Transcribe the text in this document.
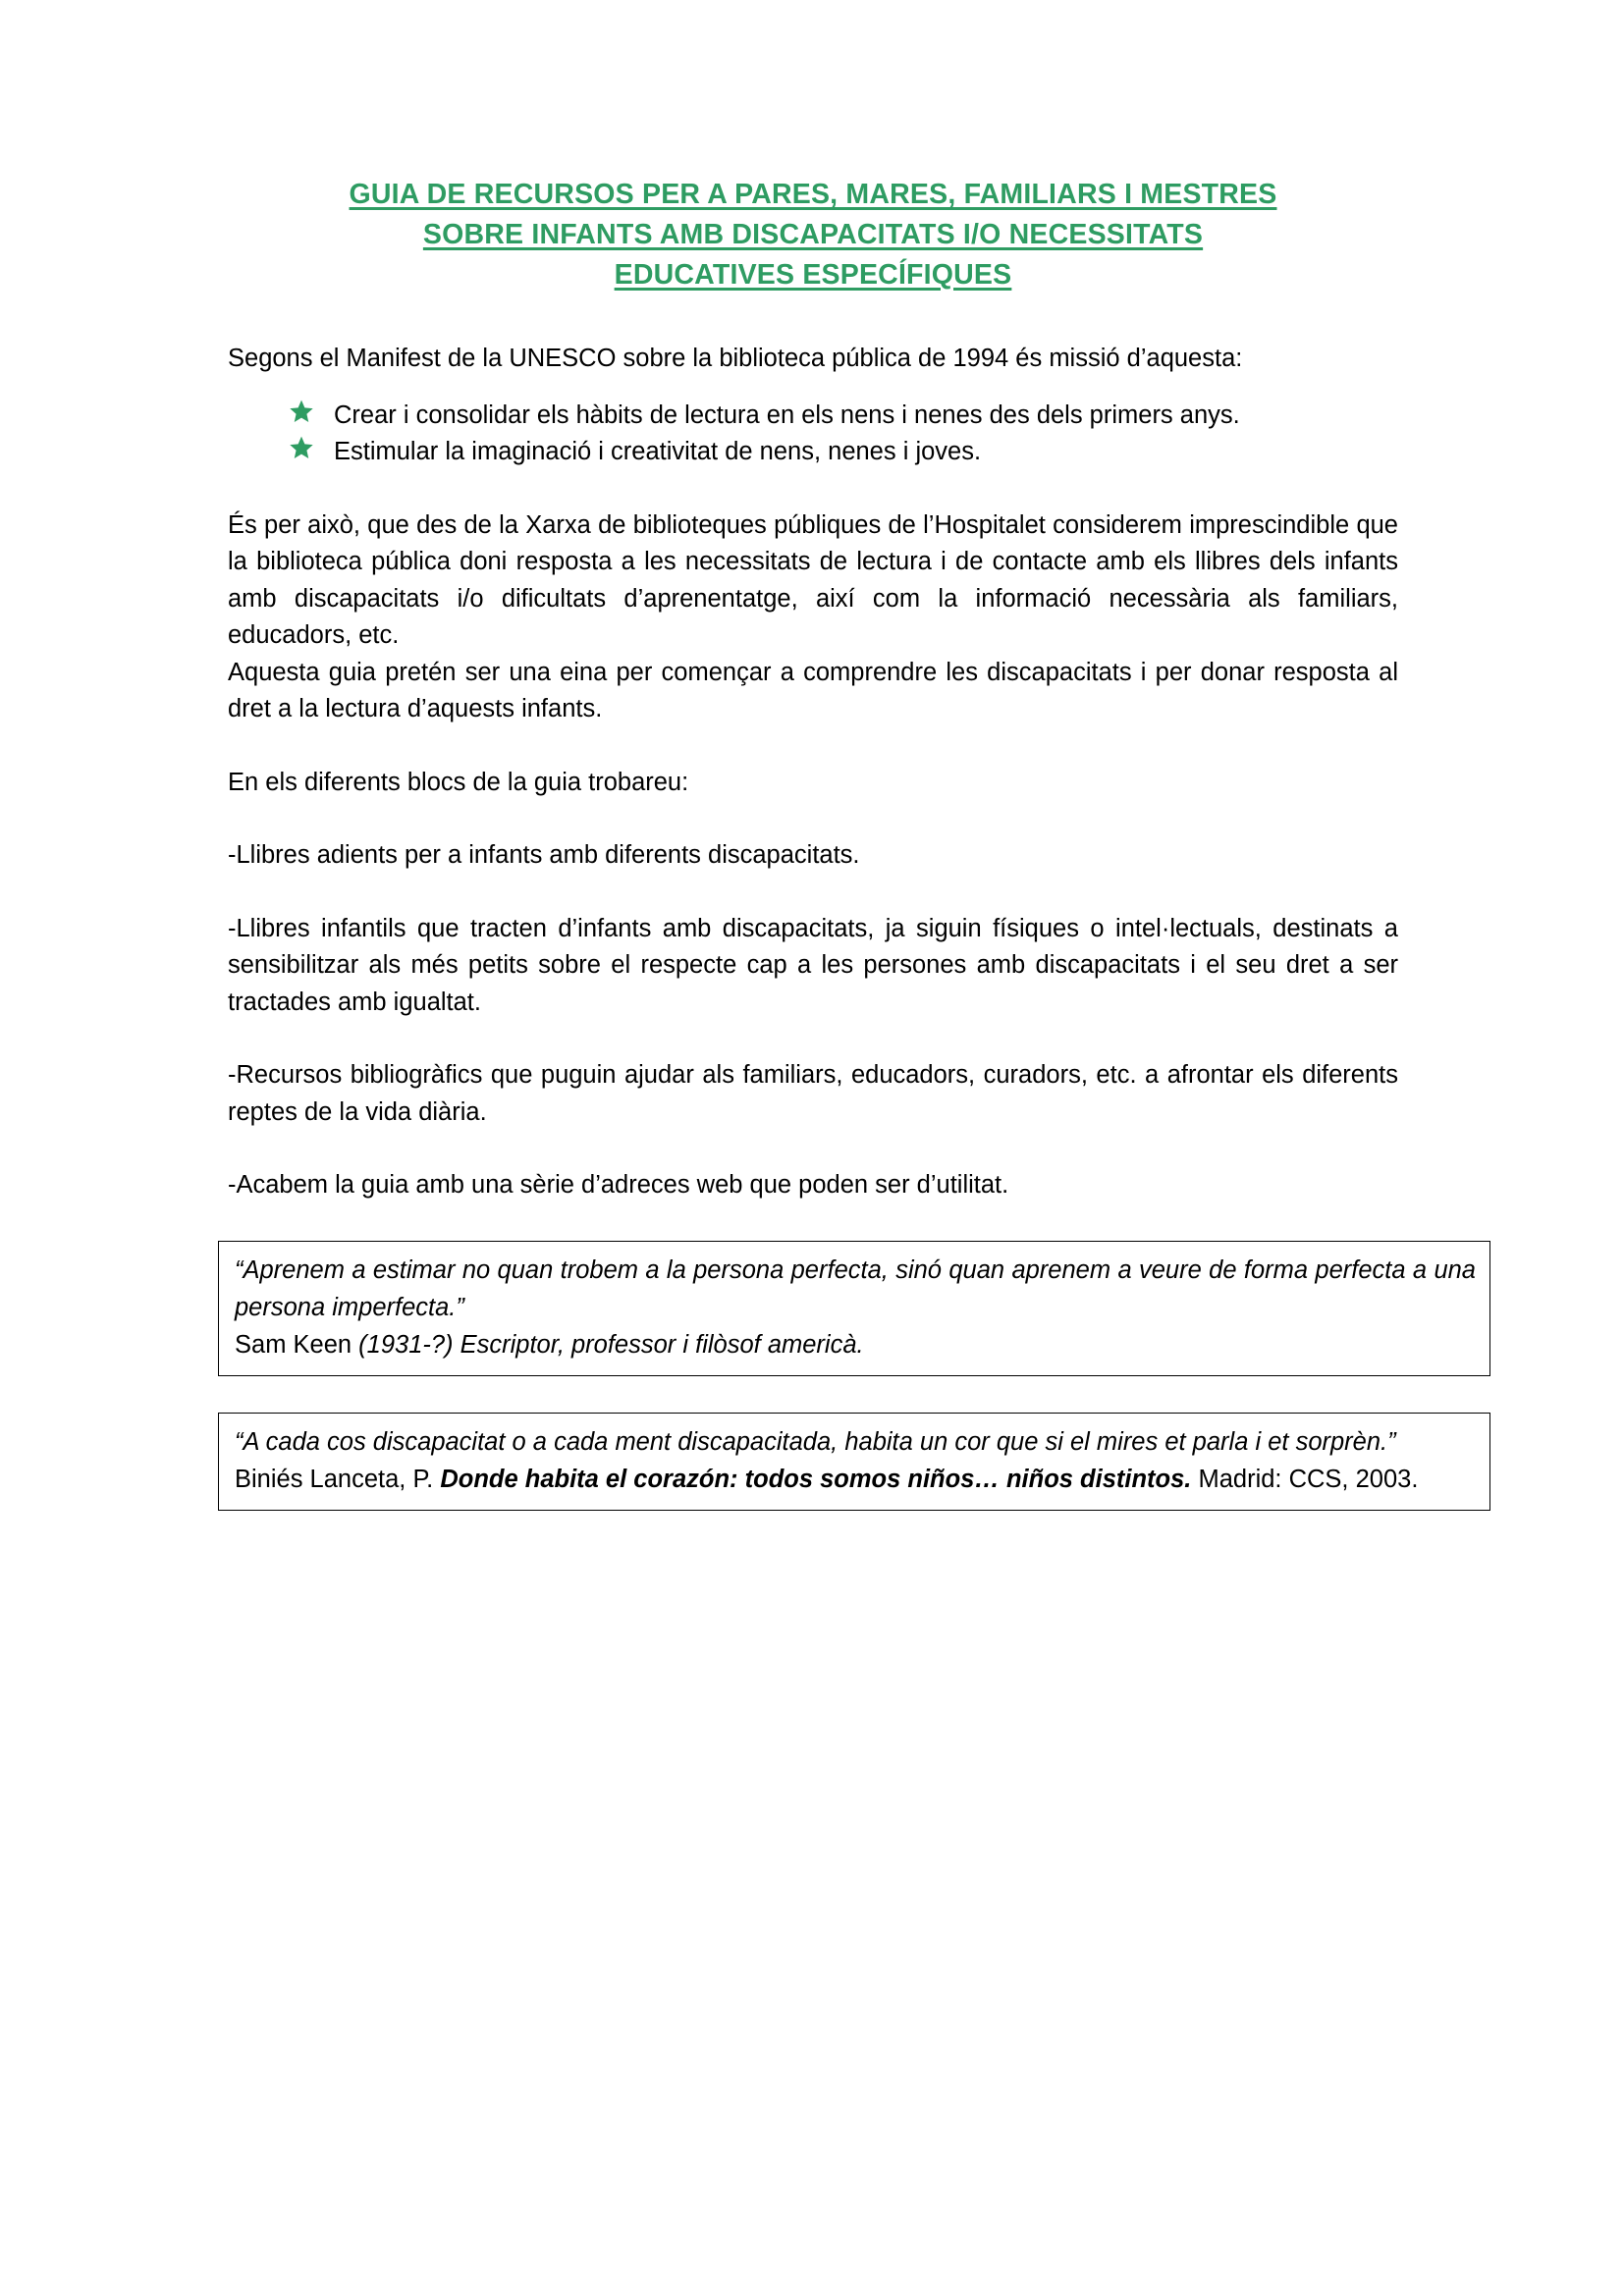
GUIA DE RECURSOS PER A PARES, MARES, FAMILIARS I MESTRES
SOBRE INFANTS AMB DISCAPACITATS I/O NECESSITATS
EDUCATIVES ESPECÍFIQUES

Segons el Manifest de la UNESCO sobre la biblioteca pública de 1994 és missió d’aquesta:

Crear i consolidar els hàbits de lectura en els nens i nenes des dels primers anys.
Estimular la imaginació i creativitat de nens, nenes i joves.

És per això, que des de la Xarxa de biblioteques públiques de l’Hospitalet considerem imprescindible que la biblioteca pública doni resposta a les necessitats de lectura i de contacte amb els llibres dels infants amb discapacitats i/o dificultats d’aprenentatge, així com la informació necessària als familiars, educadors, etc.

Aquesta guia pretén ser una eina per començar a comprendre les discapacitats i per donar resposta al dret a la lectura d’aquests infants.

En els diferents blocs de la guia trobareu:

-Llibres adients per a infants amb diferents discapacitats.

-Llibres infantils que tracten d’infants amb discapacitats, ja siguin físiques o intel·lectuals, destinats a sensibilitzar als més petits sobre el respecte cap a les persones amb discapacitats i el seu dret a ser tractades amb igualtat.

-Recursos bibliogràfics que puguin ajudar als familiars, educadors, curadors, etc. a afrontar els diferents reptes de la vida diària.

-Acabem la guia amb una sèrie d’adreces web que poden ser d’utilitat.

“Aprenem a estimar no quan trobem a la persona perfecta, sinó quan aprenem a veure de forma perfecta a una persona imperfecta.”
Sam Keen (1931-?) Escriptor, professor i filòsof americà.
“A cada cos discapacitat o a cada ment discapacitada, habita un cor que si el mires et parla i et sorprèn.”
Biniés Lanceta, P. Donde habita el corazón: todos somos niños… niños distintos. Madrid: CCS, 2003.
